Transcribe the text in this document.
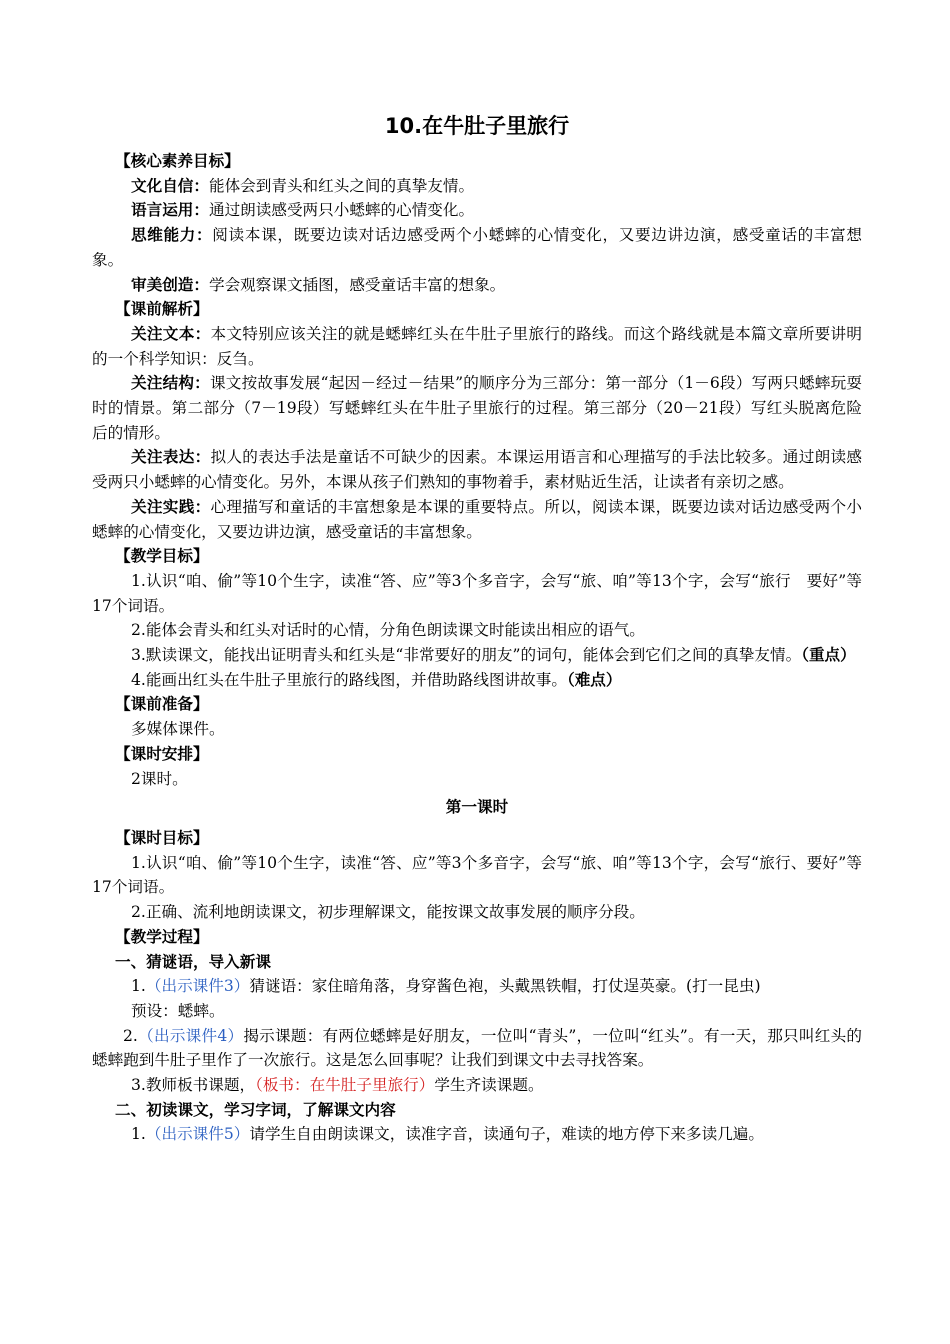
10.在牛肚子里旅行

【核心素养目标】

文化自信：能体会到青头和红头之间的真挚友情。

语言运用：通过朗读感受两只小蟋蟀的心情变化。

思维能力：阅读本课，既要边读对话边感受两个小蟋蟀的心情变化，又要边讲边演，感受童话的丰富想象。

审美创造：学会观察课文插图，感受童话丰富的想象。

【课前解析】

关注文本：本文特别应该关注的就是蟋蟀红头在牛肚子里旅行的路线。而这个路线就是本篇文章所要讲明的一个科学知识：反刍。

关注结构：课文按故事发展“起因－经过－结果”的顺序分为三部分：第一部分（1－6段）写两只蟋蟀玩耍时的情景。第二部分（7－19段）写蟋蟀红头在牛肚子里旅行的过程。第三部分（20－21段）写红头脱离危险后的情形。

关注表达：拟人的表达手法是童话不可缺少的因素。本课运用语言和心理描写的手法比较多。通过朗读感受两只小蟋蟀的心情变化。另外，本课从孩子们熟知的事物着手，素材贴近生活，让读者有亲切之感。

关注实践：心理描写和童话的丰富想象是本课的重要特点。所以，阅读本课，既要边读对话边感受两个小蟋蟀的心情变化，又要边讲边演，感受童话的丰富想象。

【教学目标】

1.认识“咱、偷”等10个生字，读准“答、应”等3个多音字，会写“旅、咱”等13个字，会写“旅行　要好”等17个词语。

2.能体会青头和红头对话时的心情，分角色朗读课文时能读出相应的语气。

3.默读课文，能找出证明青头和红头是“非常要好的朋友”的词句，能体会到它们之间的真挚友情。（重点）

4.能画出红头在牛肚子里旅行的路线图，并借助路线图讲故事。（难点）

【课前准备】

多媒体课件。

【课时安排】

2课时。

第一课时

【课时目标】

1.认识“咱、偷”等10个生字，读准“答、应”等3个多音字，会写“旅、咱”等13个字，会写“旅行、要好”等17个词语。

2.正确、流利地朗读课文，初步理解课文，能按课文故事发展的顺序分段。

【教学过程】

一、猜谜语，导入新课

1.（出示课件3）猜谜语：家住暗角落，身穿酱色袍，头戴黑铁帽，打仗逞英豪。(打一昆虫)

预设：蟋蟀。

2.（出示课件4）揭示课题：有两位蟋蟀是好朋友，一位叫“青头”，一位叫“红头”。有一天，那只叫红头的蟋蟀跑到牛肚子里作了一次旅行。这是怎么回事呢？让我们到课文中去寻找答案。

3.教师板书课题，（板书：在牛肚子里旅行）学生齐读课题。

二、初读课文，学习字词，了解课文内容

1.（出示课件5）请学生自由朗读课文，读准字音，读通句子，难读的地方停下来多读几遍。
